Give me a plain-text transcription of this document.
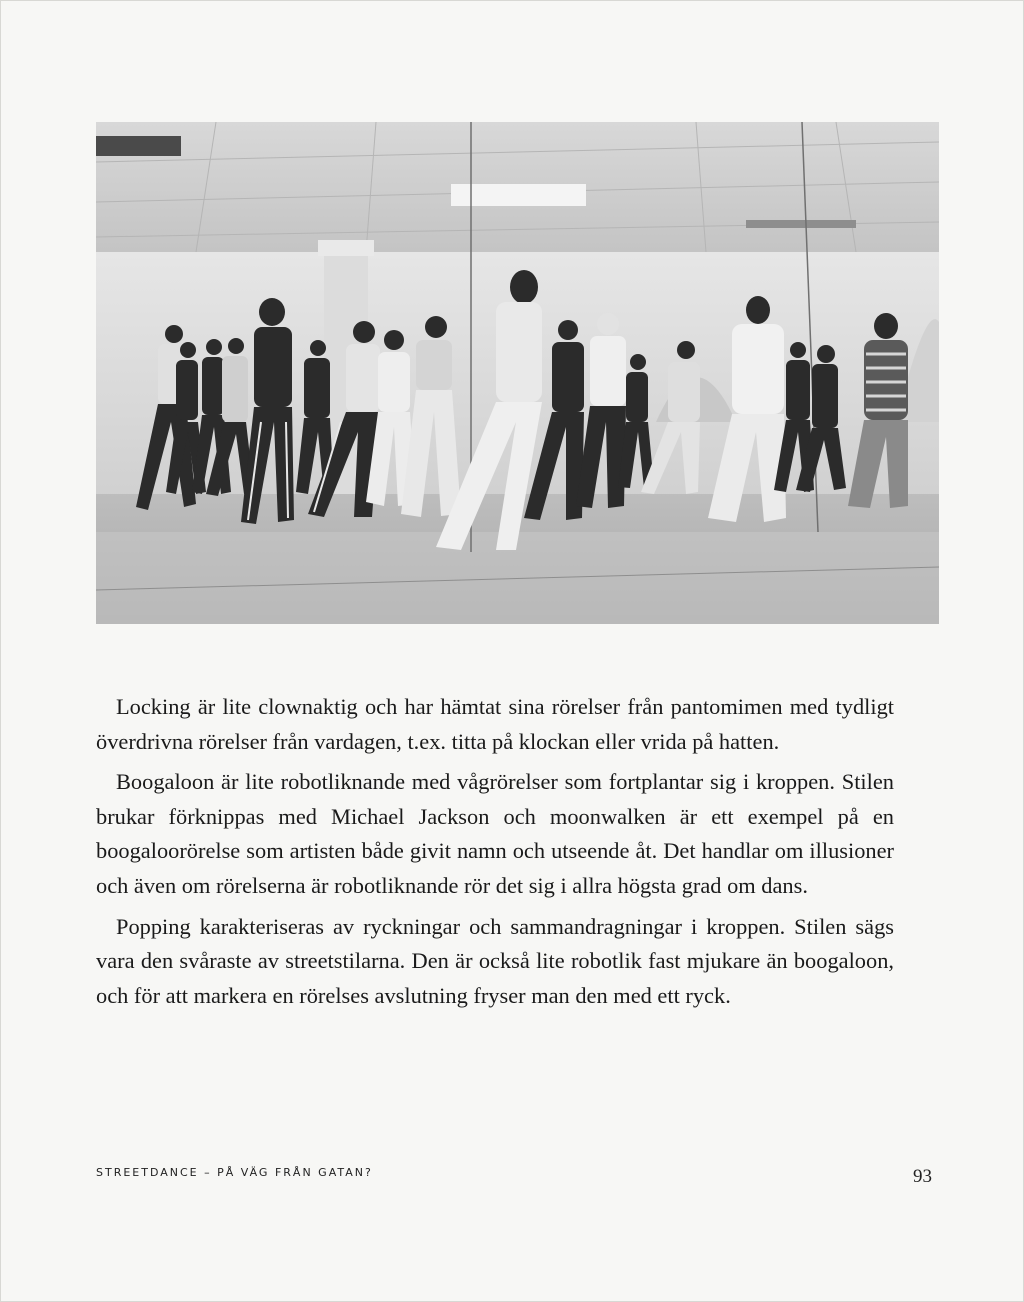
Locking är lite clownaktig och har hämtat sina rörelser från pantomimen med tydligt överdrivna rörelser från vardagen, t.ex. titta på klockan eller vrida på hatten.

Boogaloon är lite robotliknande med vågrörelser som fortplantar sig i kroppen. Stilen brukar förknippas med Michael Jackson och moonwalken är ett exempel på en boogaloorörelse som artisten både givit namn och utseende åt. Det handlar om illusioner och även om rörelserna är robotliknande rör det sig i allra högsta grad om dans.

Popping karakteriseras av ryckningar och sammandragningar i kroppen. Stilen sägs vara den svåraste av streetstilarna. Den är också lite robotlik fast mjukare än boogaloon, och för att markera en rörelses avslutning fryser man den med ett ryck.

STREETDANCE – PÅ VÄG FRÅN GATAN?	93
